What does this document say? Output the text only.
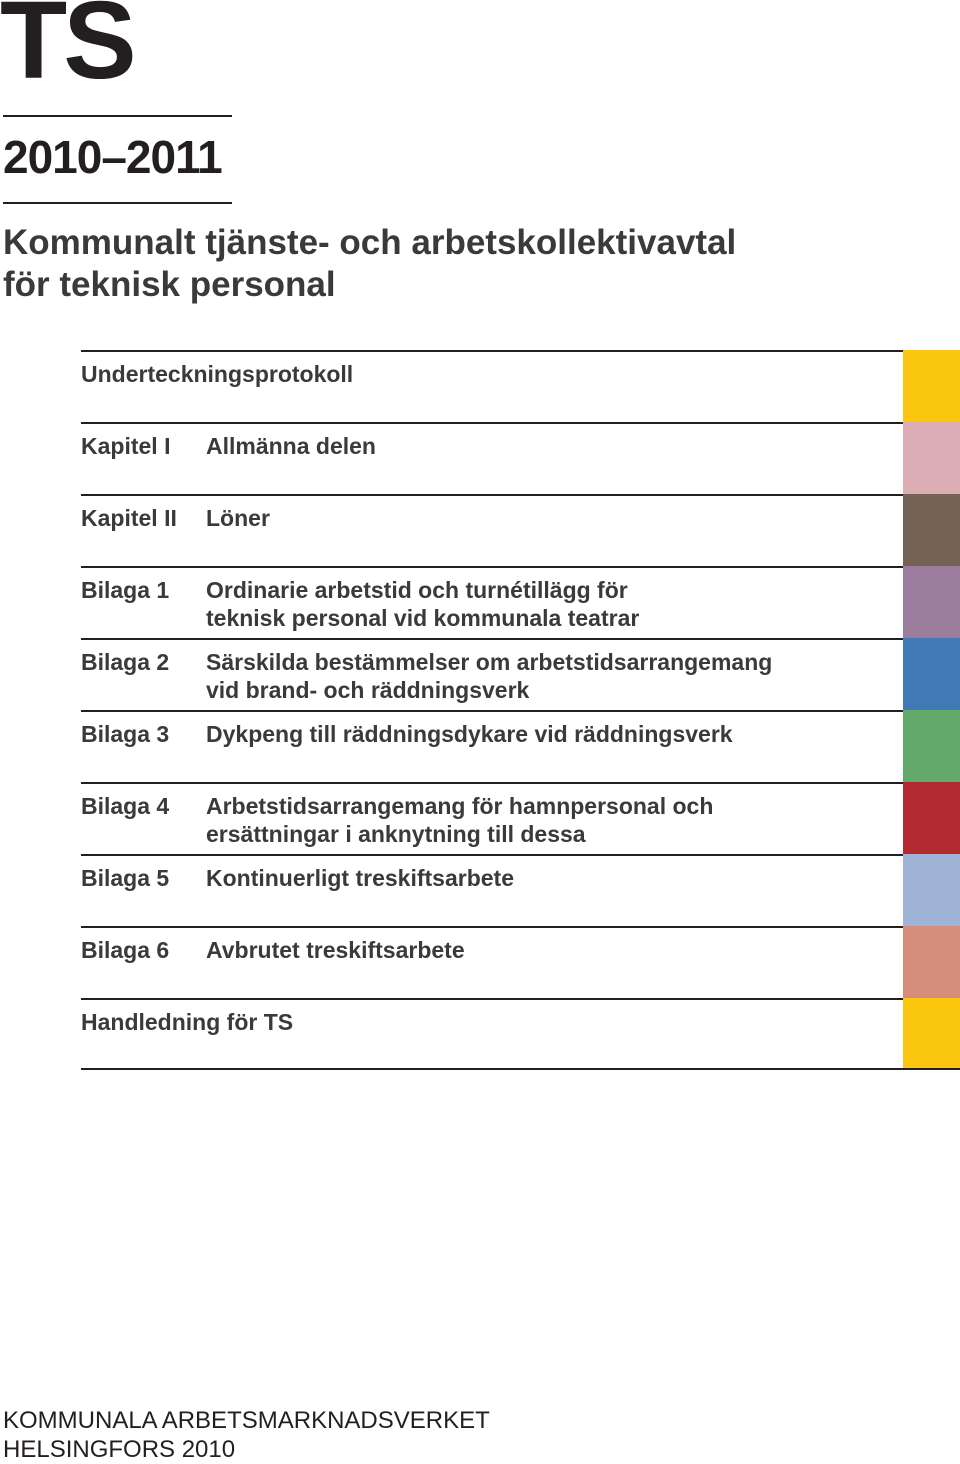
TS
2010–2011
Kommunalt tjänste- och arbetskollektivavtal
för teknisk personal
Underteckningsprotokoll
Kapitel I Allmänna delen
Kapitel II Löner
Bilaga 1 Ordinarie arbetstid och turnétillägg för
teknisk personal vid kommunala teatrar
Bilaga 2 Särskilda bestämmelser om arbetstidsarrangemang
vid brand- och räddningsverk
Bilaga 3 Dykpeng till räddningsdykare vid räddningsverk
Bilaga 4 Arbetstidsarrangemang för hamnpersonal och
ersättningar i anknytning till dessa
Bilaga 5 Kontinuerligt treskiftsarbete
Bilaga 6 Avbrutet treskiftsarbete
Handledning för TS
KOMMUNALA ARBETSMARKNADSVERKET
HELSINGFORS 2010
